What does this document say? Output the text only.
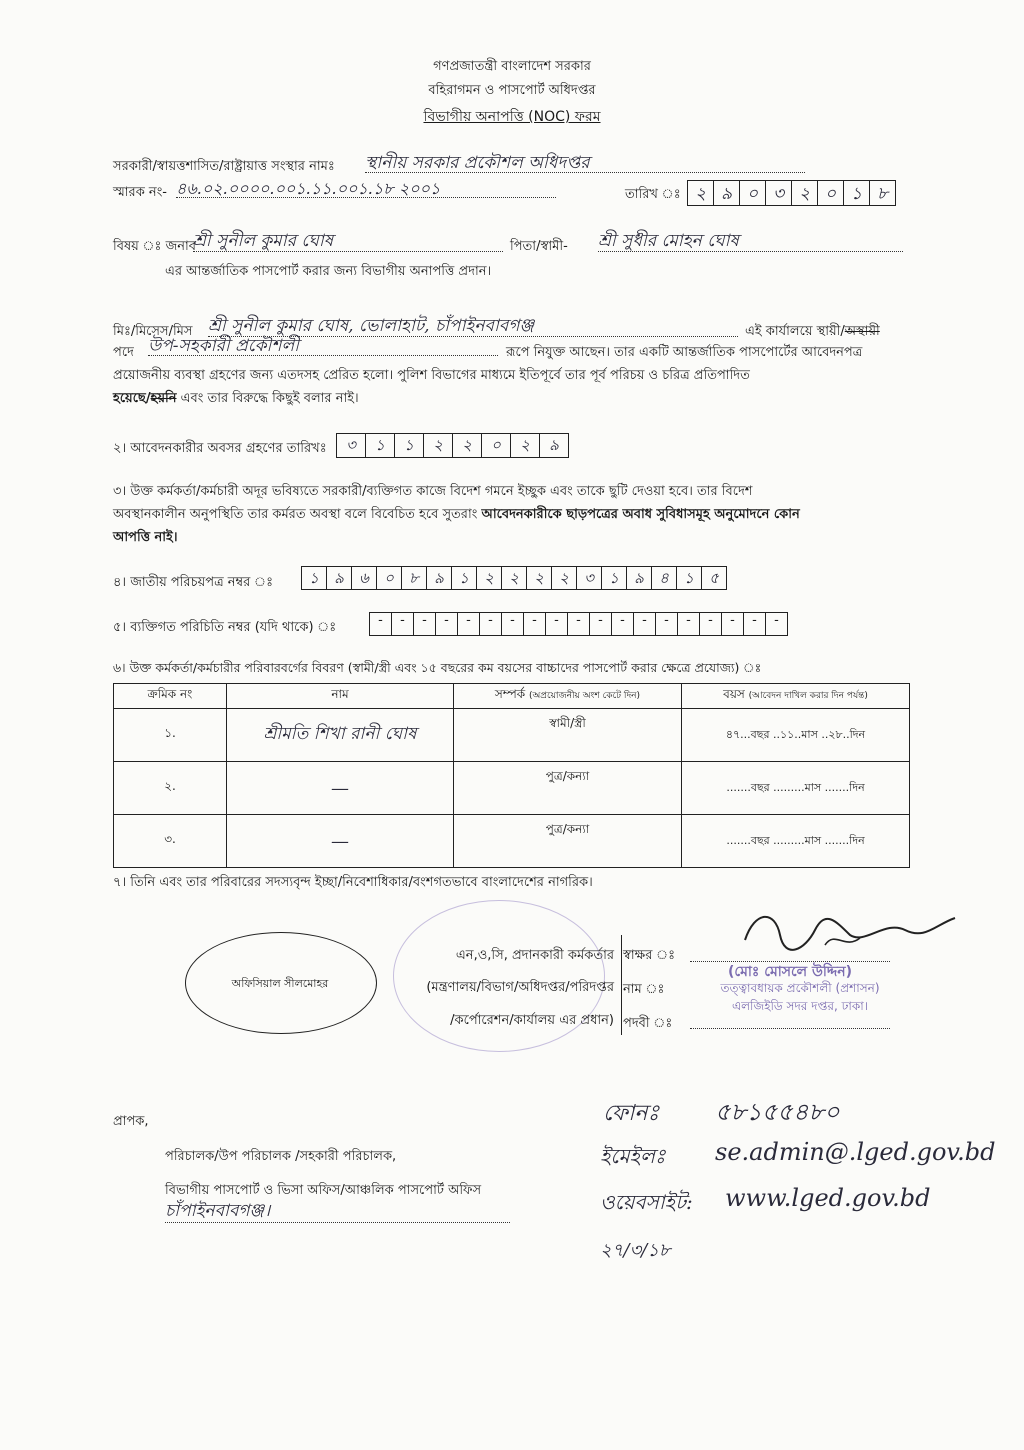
গণপ্রজাতন্ত্রী বাংলাদেশ সরকার
বহিরাগমন ও পাসপোর্ট অধিদপ্তর
বিভাগীয় অনাপত্তি (NOC) ফরম
সরকারী/স্বায়ত্তশাসিত/রাষ্ট্রায়াত্ত সংস্থার নামঃ স্থানীয় সরকার প্রকৌশল অধিদপ্তর
স্মারক নং- ৪৬.০২.০০০০.০০১.১১.০০১.১৮ ২০০১	তারিখ ঃ ২ ৯ ০ ৩ ২ ০ ১ ৮
বিষয় ঃ জনাব
শ্রী সুনীল কুমার ঘোষ	পিতা/স্বামী- শ্রী সুধীর মোহন ঘোষ
এর আন্তর্জাতিক পাসপোর্ট করার জন্য বিভাগীয় অনাপত্তি প্রদান।
মিঃ/মিসেস/মিস শ্রী সুনীল কুমার ঘোষ, ভোলাহাট, চাঁপাইনবাবগঞ্জ	এই কার্যালয়ে স্থায়ী/অস্থায়ী
পদে উপ-সহকারী প্রকৌশলী	রূপে নিযুক্ত আছেন। তার একটি আন্তর্জাতিক পাসপোর্টের আবেদনপত্র
প্রয়োজনীয় ব্যবস্থা গ্রহণের জন্য এতদসহ প্রেরিত হলো। পুলিশ বিভাগের মাধ্যমে ইতিপূর্বে তার পূর্ব পরিচয় ও চরিত্র প্রতিপাদিত
হয়েছে/হয়নি এবং তার বিরুদ্ধে কিছুই বলার নাই।
২। আবেদনকারীর অবসর গ্রহণের তারিখঃ	৩	১	১	২	২	০	২	৯
৩। উক্ত কর্মকর্তা/কর্মচারী অদূর ভবিষ্যতে সরকারী/ব্যক্তিগত কাজে বিদেশ গমনে ইচ্ছুক এবং তাকে ছুটি দেওয়া হবে। তার বিদেশ
অবস্থানকালীন অনুপস্থিতি তার কর্মরত অবস্থা বলে বিবেচিত হবে সুতরাং আবেদনকারীকে ছাড়পত্রের অবাধ সুবিধাসমূহ অনুমোদনে কোন
আপত্তি নাই।
৪। জাতীয় পরিচয়পত্র নম্বর ঃ	১	৯	৬	০	৮	৯	১	২	২	২	২	৩	১	৯	৪	১	৫
৫। ব্যক্তিগত পরিচিতি নম্বর (যদি থাকে) ঃ	-	-	-	-	-	-	-	-	-	-	-	-	-	-	-	-	-	-	-
৬। উক্ত কর্মকর্তা/কর্মচারীর পরিবারবর্গের বিবরণ (স্বামী/স্ত্রী এবং ১৫ বছরের কম বয়সের বাচ্চাদের পাসপোর্ট করার ক্ষেত্রে প্রযোজ্য) ঃ
ক্রমিক নং	নাম	সম্পর্ক (অপ্রয়োজনীয় অংশ কেটে দিন)	বয়স (আবেদন দাখিল করার দিন পর্যন্ত)
১.	শ্রীমতি শিখা রানী ঘোষ	স্বামী/স্ত্রী	৪৭...বছর ..১১..মাস ..২৮..দিন
২.	—	পুত্র/কন্যা	.......বছর .........মাস .......দিন
৩.	—	পুত্র/কন্যা	.......বছর .........মাস .......দিন
৭। তিনি এবং তার পরিবারের সদস্যবৃন্দ ইচ্ছা/নিবেশাধিকার/বংশগতভাবে বাংলাদেশের নাগরিক।
অফিসিয়াল সীলমোহর
এন,ও,সি, প্রদানকারী কর্মকর্তার
(মন্ত্রণালয়/বিভাগ/অধিদপ্তর/পরিদপ্তর
/কর্পোরেশন/কার্যালয় এর প্রধান)
স্বাক্ষর ঃ
নাম ঃ
পদবী ঃ
(মোঃ মোসলে উদ্দিন)
তত্ত্বাবধায়ক প্রকৌশলী (প্রশাসন)
এলজিইডি সদর দপ্তর, ঢাকা।
প্রাপক,
পরিচালক/উপ পরিচালক /সহকারী পরিচালক,
বিভাগীয় পাসপোর্ট ও ভিসা অফিস/আঞ্চলিক পাসপোর্ট অফিস
চাঁপাইনবাবগঞ্জ।
ফোনঃ ৫৮১৫৫৪৮০
ইমেইলঃ se.admin@.lged.gov.bd
ওয়েবসাইট: www.lged.gov.bd
২৭/৩/১৮
